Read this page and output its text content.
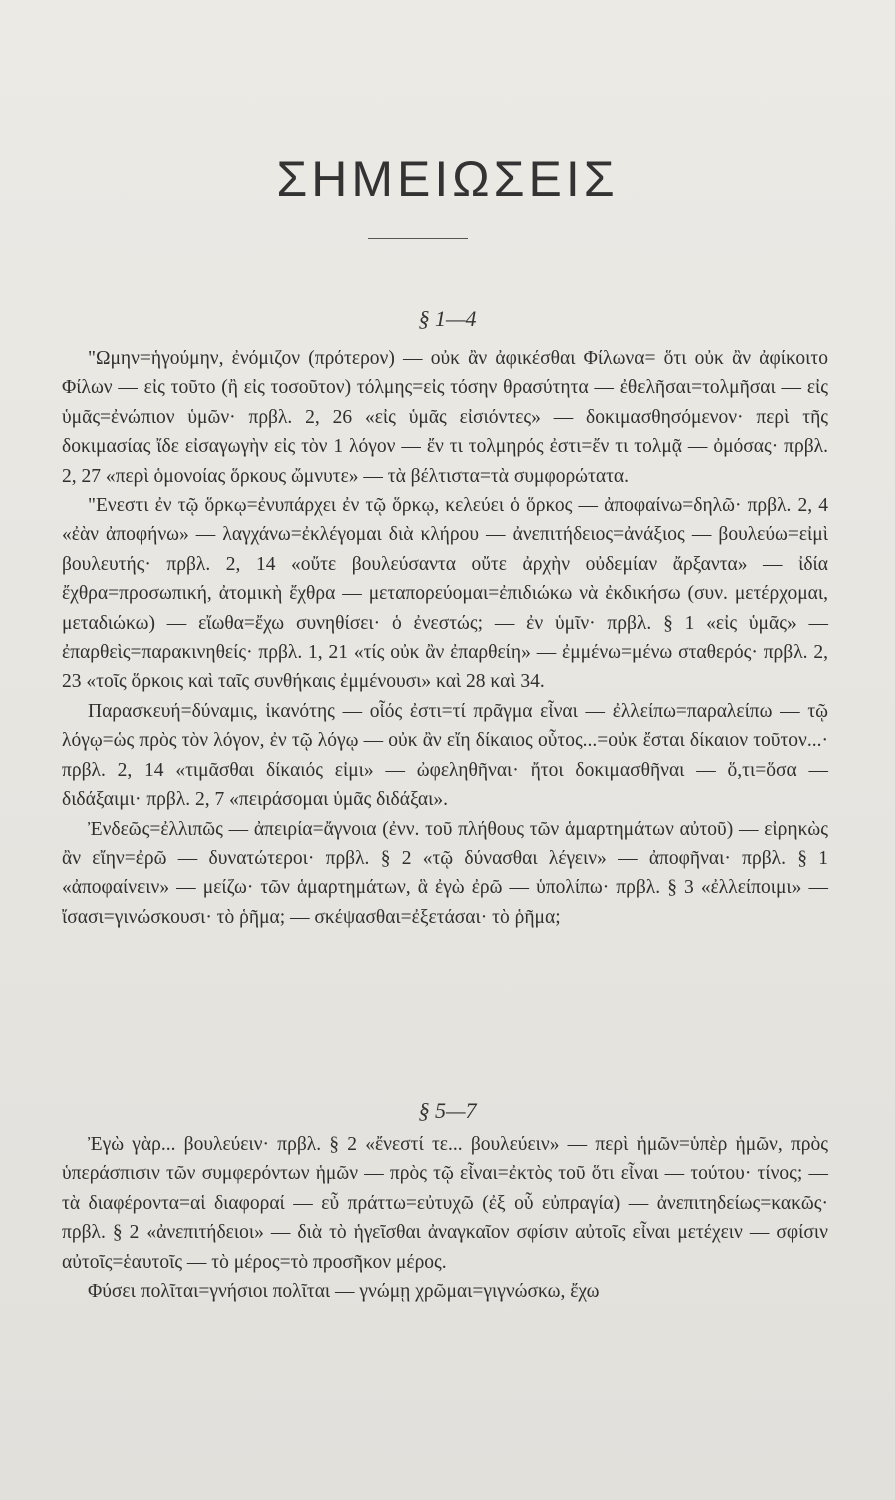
ΣΗΜΕΙΩΣΕΙΣ
§ 1—4

"Ωμην=ἡγούμην, ἐνόμιζον (πρότερον) — οὐκ ἂν ἀφικέσθαι Φίλωνα= ὅτι οὐκ ἂν ἀφίκοιτο Φίλων — εἰς τοῦτο (ἢ εἰς τοσοῦτον) τόλμης=εἰς τόσην θρασύτητα — ἐθελῆσαι=τολμῆσαι — εἰς ὑμᾶς=ἐνώπιον ὑμῶν· πρβλ. 2, 26 «εἰς ὑμᾶς εἰσιόντες» — δοκιμασθησόμενον· περὶ τῆς δοκιμασίας ἴδε εἰσαγωγὴν εἰς τὸν 1 λόγον — ἔν τι τολμηρός ἐστι=ἔν τι τολμᾷ — ὀμόσας· πρβλ. 2, 27 «περὶ ὁμονοίας ὅρκους ὤμνυτε» — τὰ βέλτιστα=τὰ συμφορώτατα.

"Ενεστι ἐν τῷ ὅρκῳ=ἐνυπάρχει ἐν τῷ ὅρκῳ, κελεύει ὁ ὅρκος — ἀποφαίνω=δηλῶ· πρβλ. 2, 4 «ἐὰν ἀποφήνω» — λαγχάνω=ἐκλέγομαι διὰ κλήρου — ἀνεπιτήδειος=ἀνάξιος — βουλεύω=εἰμὶ βουλευτής· πρβλ. 2, 14 «οὔτε βουλεύσαντα οὔτε ἀρχὴν οὐδεμίαν ἄρξαντα» — ἰδία ἔχθρα=προσωπική, ἀτομικὴ ἔχθρα — μεταπορεύομαι=ἐπιδιώκω νὰ ἐκδικήσω (συν. μετέρχομαι, μεταδιώκω) — εἴωθα=ἔχω συνηθίσει· ὁ ἐνεστώς; — ἐν ὑμῖν· πρβλ. § 1 «εἰς ὑμᾶς» — ἐπαρθεὶς=παρακινηθείς· πρβλ. 1, 21 «τίς οὐκ ἂν ἐπαρθείη» — ἐμμένω=μένω σταθερός· πρβλ. 2, 23 «τοῖς ὅρκοις καὶ ταῖς συνθήκαις ἐμμένουσι» καὶ 28 καὶ 34.

Παρασκευή=δύναμις, ἱκανότης — οἷός ἐστι=τί πρᾶγμα εἶναι — ἐλλείπω=παραλείπω — τῷ λόγῳ=ὡς πρὸς τὸν λόγον, ἐν τῷ λόγῳ — οὐκ ἂν εἴη δίκαιος οὗτος...=οὐκ ἔσται δίκαιον τοῦτον...· πρβλ. 2, 14 «τιμᾶσθαι δίκαιός εἰμι» — ὠφεληθῆναι· ἤτοι δοκιμασθῆναι — ὅ,τι=ὅσα — διδάξαιμι· πρβλ. 2, 7 «πειράσομαι ὑμᾶς διδάξαι».

Ἐνδεῶς=ἐλλιπῶς — ἀπειρία=ἄγνοια (ἐνν. τοῦ πλήθους τῶν ἁμαρτημάτων αὐτοῦ) — εἰρηκὼς ἂν εἴην=ἐρῶ — δυνατώτεροι· πρβλ. § 2 «τῷ δύνασθαι λέγειν» — ἀποφῆναι· πρβλ. § 1 «ἀποφαίνειν» — μείζω· τῶν ἁμαρτημάτων, ἃ ἐγὼ ἐρῶ — ὑπολίπω· πρβλ. § 3 «ἐλλείποιμι» — ἴσασι=γινώσκουσι· τὸ ῥῆμα; — σκέψασθαι=ἐξετάσαι· τὸ ῥῆμα;

§ 5—7

Ἐγὼ γὰρ... βουλεύειν· πρβλ. § 2 «ἔνεστί τε... βουλεύειν» — περὶ ἡμῶν=ὑπὲρ ἡμῶν, πρὸς ὑπεράσπισιν τῶν συμφερόντων ἡμῶν — πρὸς τῷ εἶναι=ἐκτὸς τοῦ ὅτι εἶναι — τούτου· τίνος; — τὰ διαφέροντα=αἱ διαφοραί — εὖ πράττω=εὐτυχῶ (ἐξ οὗ εὐπραγία) — ἀνεπιτηδείως=κακῶς· πρβλ. § 2 «ἀνεπιτήδειοι» — διὰ τὸ ἡγεῖσθαι ἀναγκαῖον σφίσιν αὐτοῖς εἶναι μετέχειν — σφίσιν αὐτοῖς=ἑαυτοῖς — τὸ μέρος=τὸ προσῆκον μέρος.

Φύσει πολῖται=γνήσιοι πολῖται — γνώμῃ χρῶμαι=γιγνώσκω, ἔχω
